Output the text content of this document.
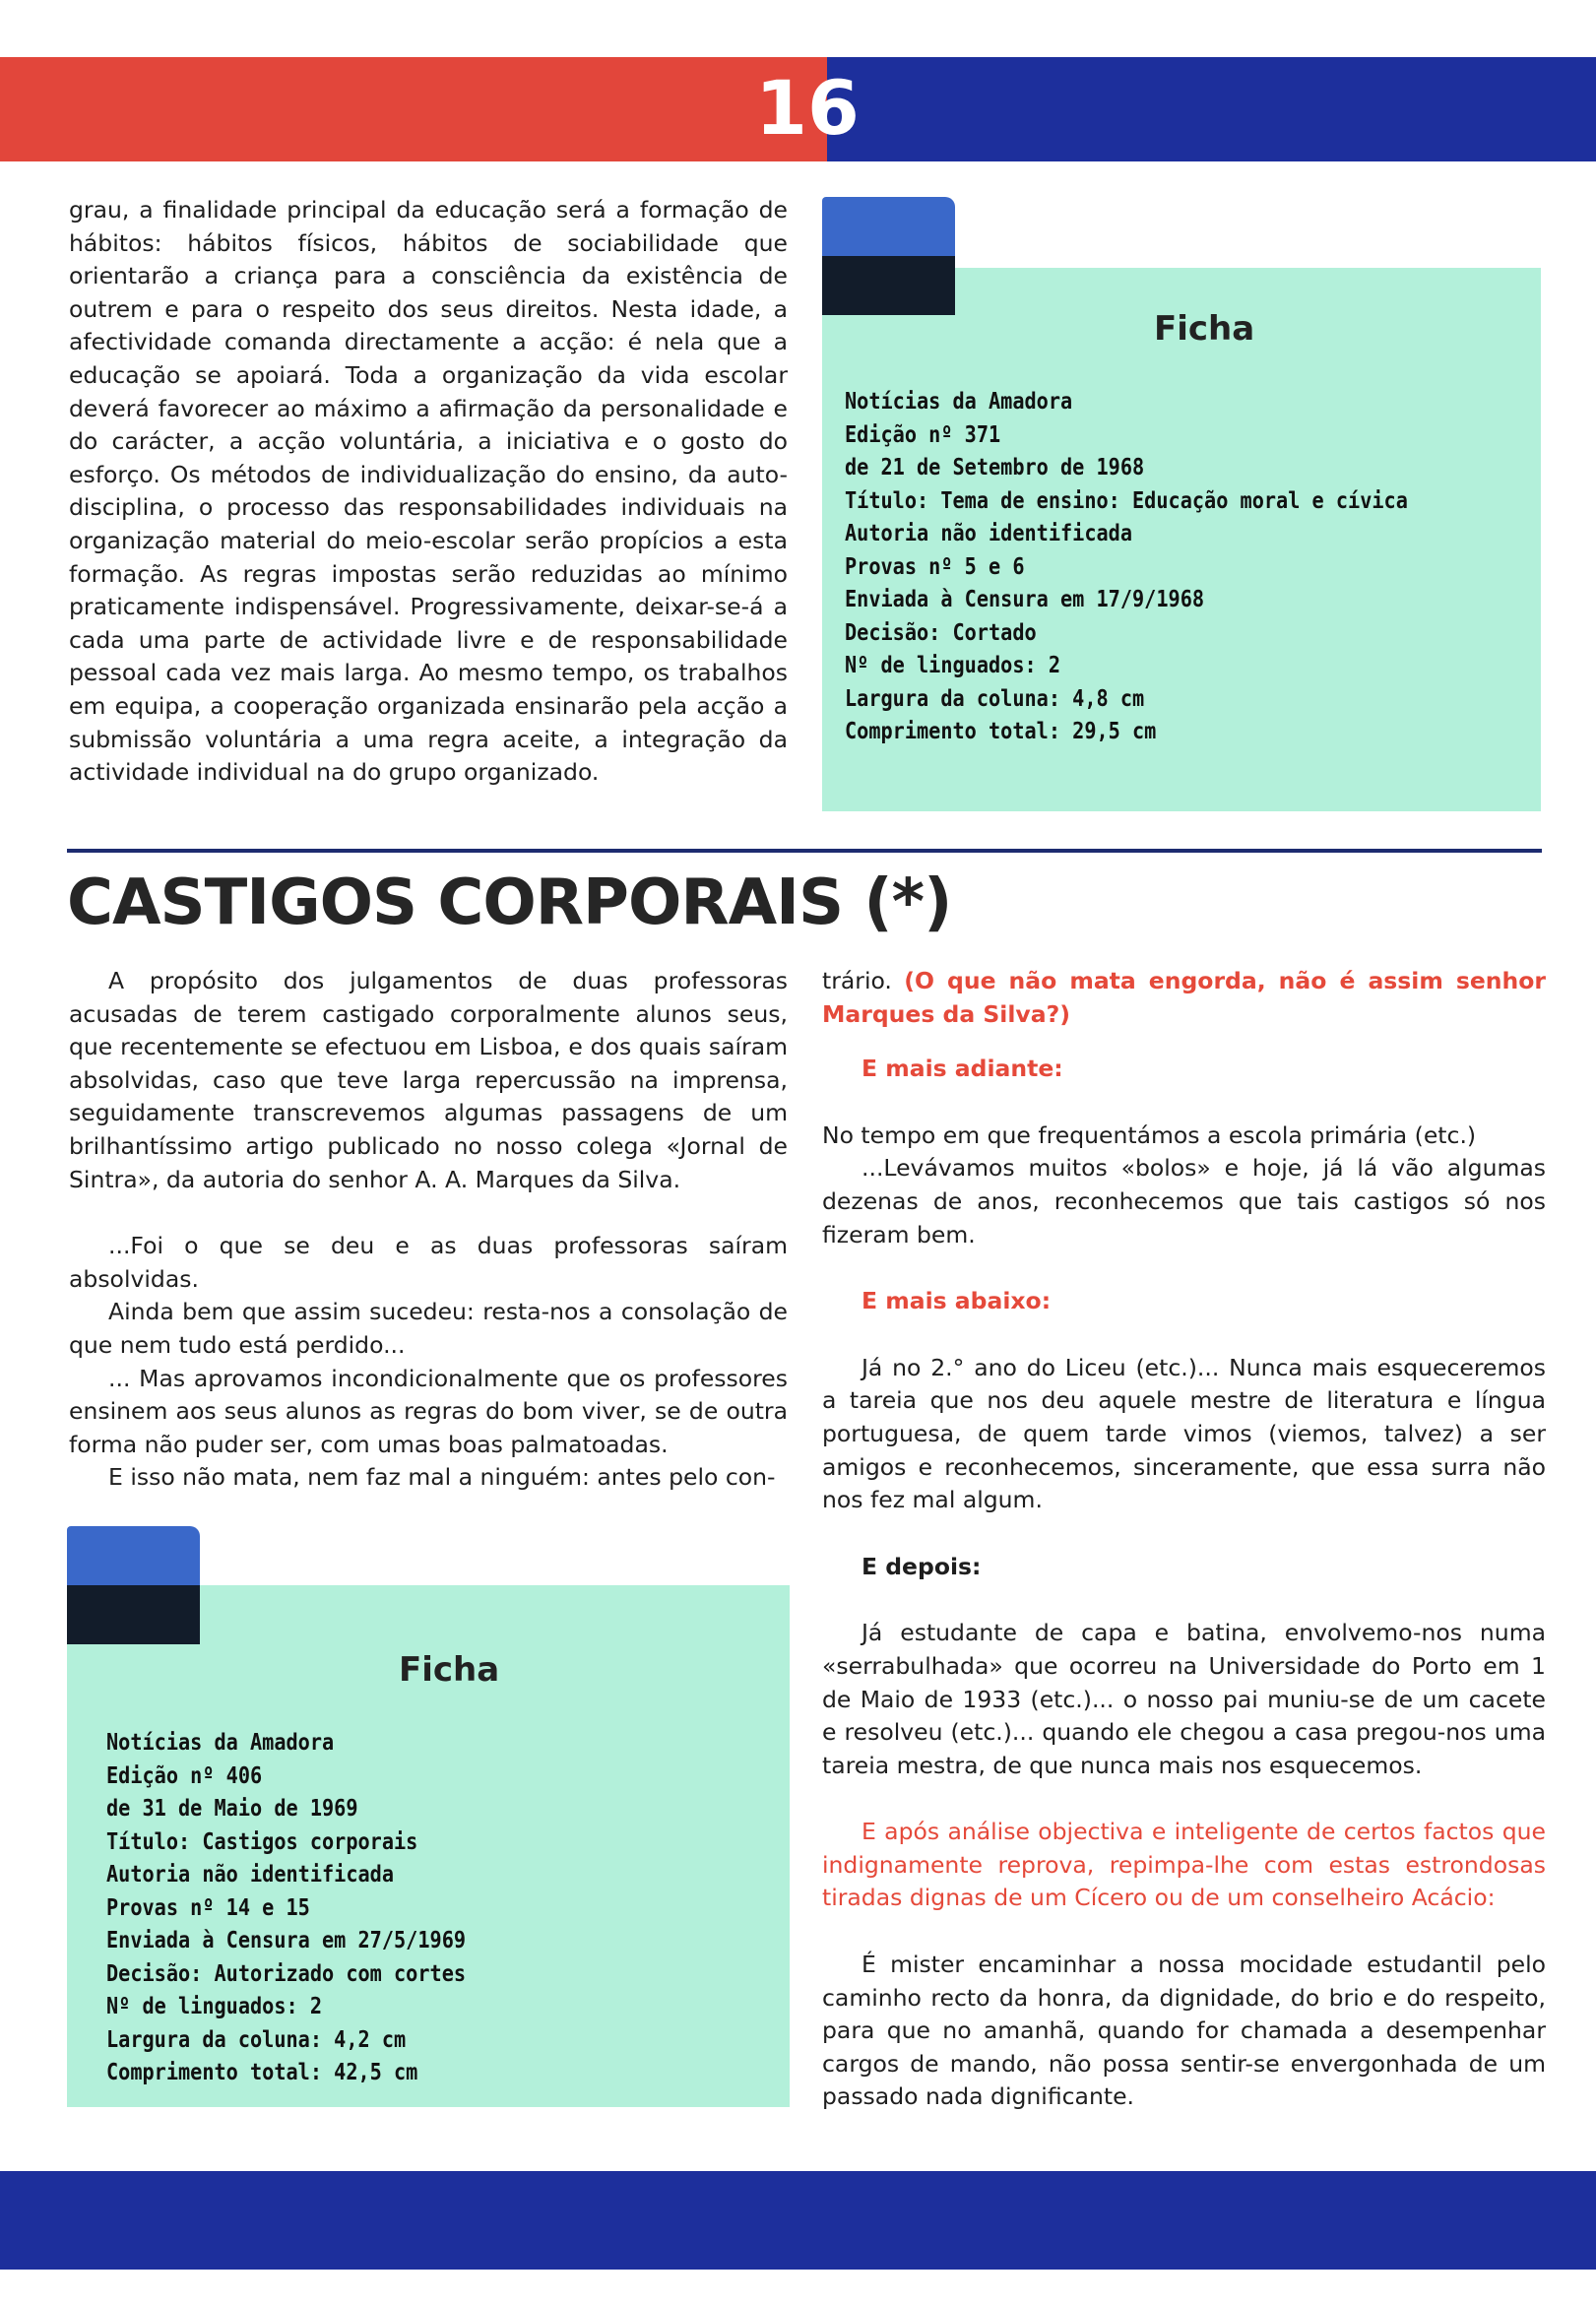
16

grau, a finalidade principal da educação será a formação de hábitos: hábitos físicos, hábitos de sociabilidade que orientarão a criança para a consciência da existência de outrem e para o respeito dos seus direitos. Nesta idade, a afectividade comanda directamente a acção: é nela que a educação se apoiará. Toda a organização da vida escolar deverá favorecer ao máximo a afirmação da personalidade e do carácter, a acção voluntária, a iniciativa e o gosto do esforço. Os métodos de individualização do ensino, da auto-disciplina, o processo das responsabilidades individuais na organização material do meio-escolar serão propícios a esta formação. As regras impostas serão reduzidas ao mínimo praticamente indispensável. Progressivamente, deixar-se-á a cada uma parte de actividade livre e de responsabilidade pessoal cada vez mais larga. Ao mesmo tempo, os trabalhos em equipa, a cooperação organizada ensinarão pela acção a submissão voluntária a uma regra aceite, a integração da actividade individual na do grupo organizado.

Ficha
Notícias da Amadora
Edição nº 371
de 21 de Setembro de 1968
Título: Tema de ensino: Educação moral e cívica
Autoria não identificada
Provas nº 5 e 6
Enviada à Censura em 17/9/1968
Decisão: Cortado
Nº de linguados: 2
Largura da coluna: 4,8 cm
Comprimento total: 29,5 cm
CASTIGOS CORPORAIS (*)

A propósito dos julgamentos de duas professoras acusadas de terem castigado corporalmente alunos seus, que recentemente se efectuou em Lisboa, e dos quais saíram absolvidas, caso que teve larga repercussão na imprensa, seguidamente transcrevemos algumas passagens de um brilhantíssimo artigo publicado no nosso colega «Jornal de Sintra», da autoria do senhor A. A. Marques da Silva.

...Foi o que se deu e as duas professoras saíram absolvidas.

Ainda bem que assim sucedeu: resta-nos a consolação de que nem tudo está perdido...

... Mas aprovamos incondicionalmente que os professores ensinem aos seus alunos as regras do bom viver, se de outra forma não puder ser, com umas boas palmatoadas.

E isso não mata, nem faz mal a ninguém: antes pelo con-

Ficha
Notícias da Amadora
Edição nº 406
de 31 de Maio de 1969
Título: Castigos corporais
Autoria não identificada
Provas nº 14 e 15
Enviada à Censura em 27/5/1969
Decisão: Autorizado com cortes
Nº de linguados: 2
Largura da coluna: 4,2 cm
Comprimento total: 42,5 cm

trário. (O que não mata engorda, não é assim senhor Marques da Silva?)

E mais adiante:

No tempo em que frequentámos a escola primária (etc.)

...Levávamos muitos «bolos» e hoje, já lá vão algumas dezenas de anos, reconhecemos que tais castigos só nos fizeram bem.

E mais abaixo:

Já no 2.° ano do Liceu (etc.)... Nunca mais esqueceremos a tareia que nos deu aquele mestre de literatura e língua portuguesa, de quem tarde vimos (viemos, talvez) a ser amigos e reconhecemos, sinceramente, que essa surra não nos fez mal algum.

E depois:

Já estudante de capa e batina, envolvemo-nos numa «serrabulhada» que ocorreu na Universidade do Porto em 1 de Maio de 1933 (etc.)... o nosso pai muniu-se de um cacete e resolveu (etc.)... quando ele chegou a casa pregou-nos uma tareia mestra, de que nunca mais nos esquecemos.

E após análise objectiva e inteligente de certos factos que indignamente reprova, repimpa-lhe com estas estrondosas tiradas dignas de um Cícero ou de um conselheiro Acácio:

É mister encaminhar a nossa mocidade estudantil pelo caminho recto da honra, da dignidade, do brio e do respeito, para que no amanhã, quando for chamada a desempenhar cargos de mando, não possa sentir-se envergonhada de um passado nada dignificante.
